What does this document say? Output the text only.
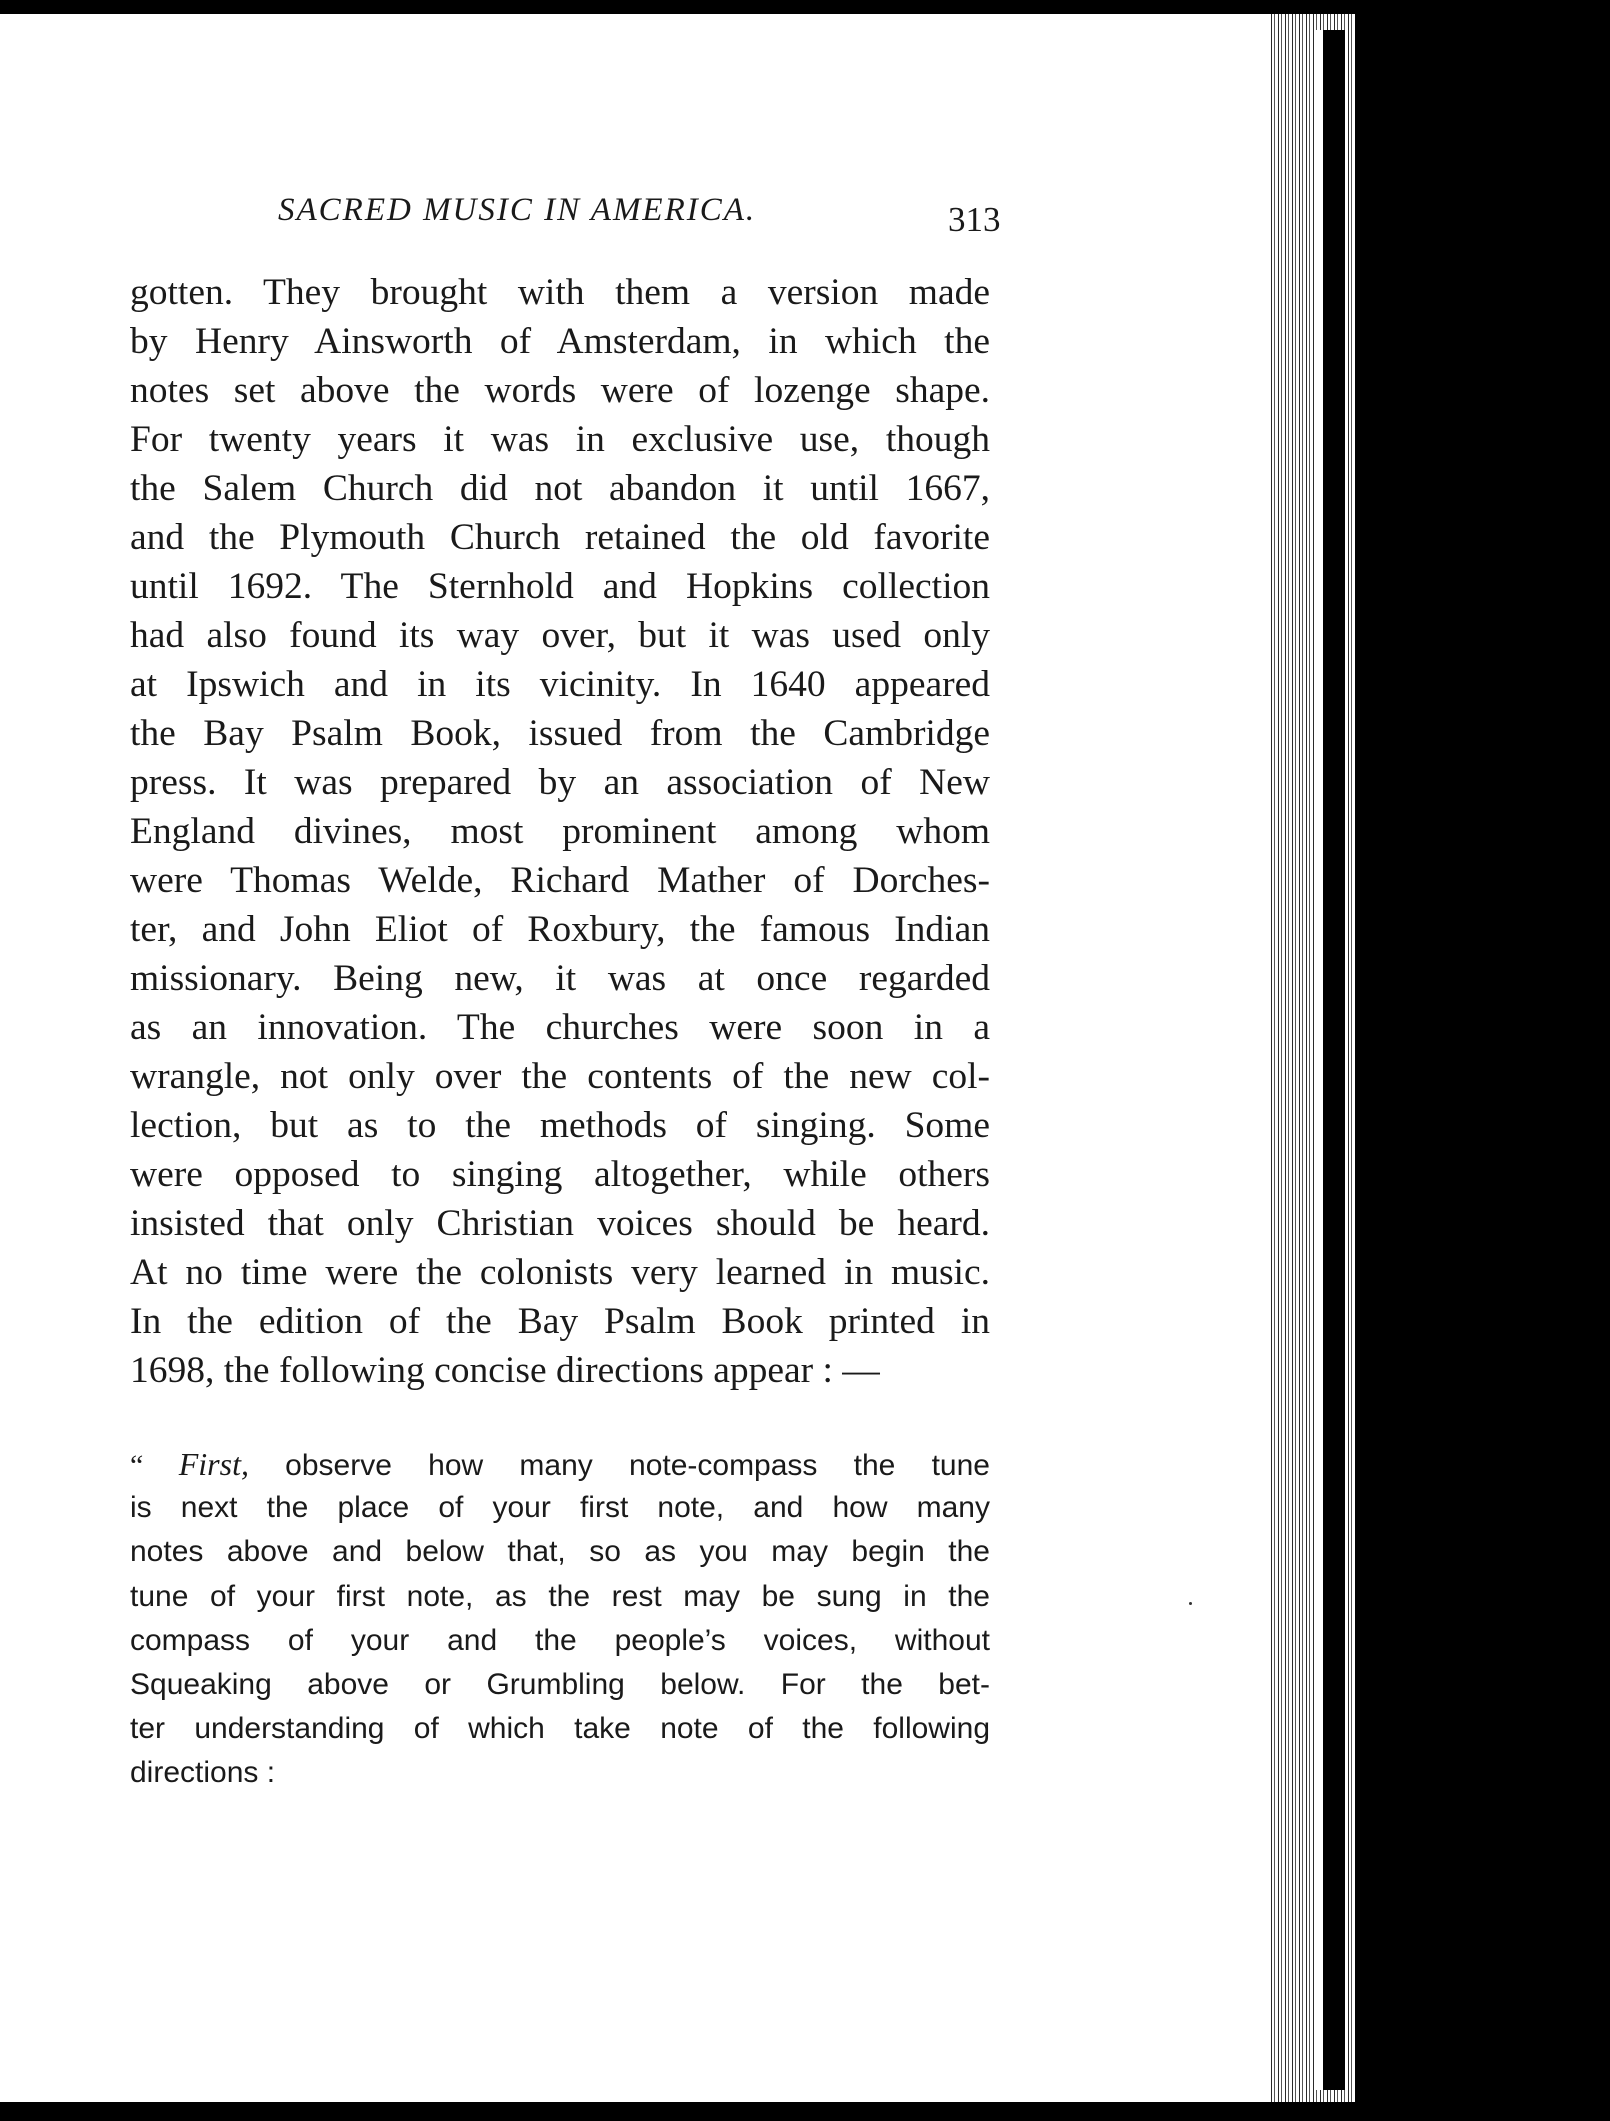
SACRED MUSIC IN AMERICA.	313
gotten. They brought with them a version made
by Henry Ainsworth of Amsterdam, in which the
notes set above the words were of lozenge shape.
For twenty years it was in exclusive use, though
the Salem Church did not abandon it until 1667,
and the Plymouth Church retained the old favorite
until 1692. The Sternhold and Hopkins collection
had also found its way over, but it was used only
at Ipswich and in its vicinity. In 1640 appeared
the Bay Psalm Book, issued from the Cambridge
press. It was prepared by an association of New
England divines, most prominent among whom
were Thomas Welde, Richard Mather of Dorches-
ter, and John Eliot of Roxbury, the famous Indian
missionary. Being new, it was at once regarded
as an innovation. The churches were soon in a
wrangle, not only over the contents of the new col-
lection, but as to the methods of singing. Some
were opposed to singing altogether, while others
insisted that only Christian voices should be heard.
At no time were the colonists very learned in music.
In the edition of the Bay Psalm Book printed in
1698, the following concise directions appear : —
“ First, observe how many note-compass the tune
is next the place of your first note, and how many
notes above and below that, so as you may begin the
tune of your first note, as the rest may be sung in the
compass of your and the people’s voices, without
Squeaking above or Grumbling below. For the bet-
ter understanding of which take note of the following
directions :
